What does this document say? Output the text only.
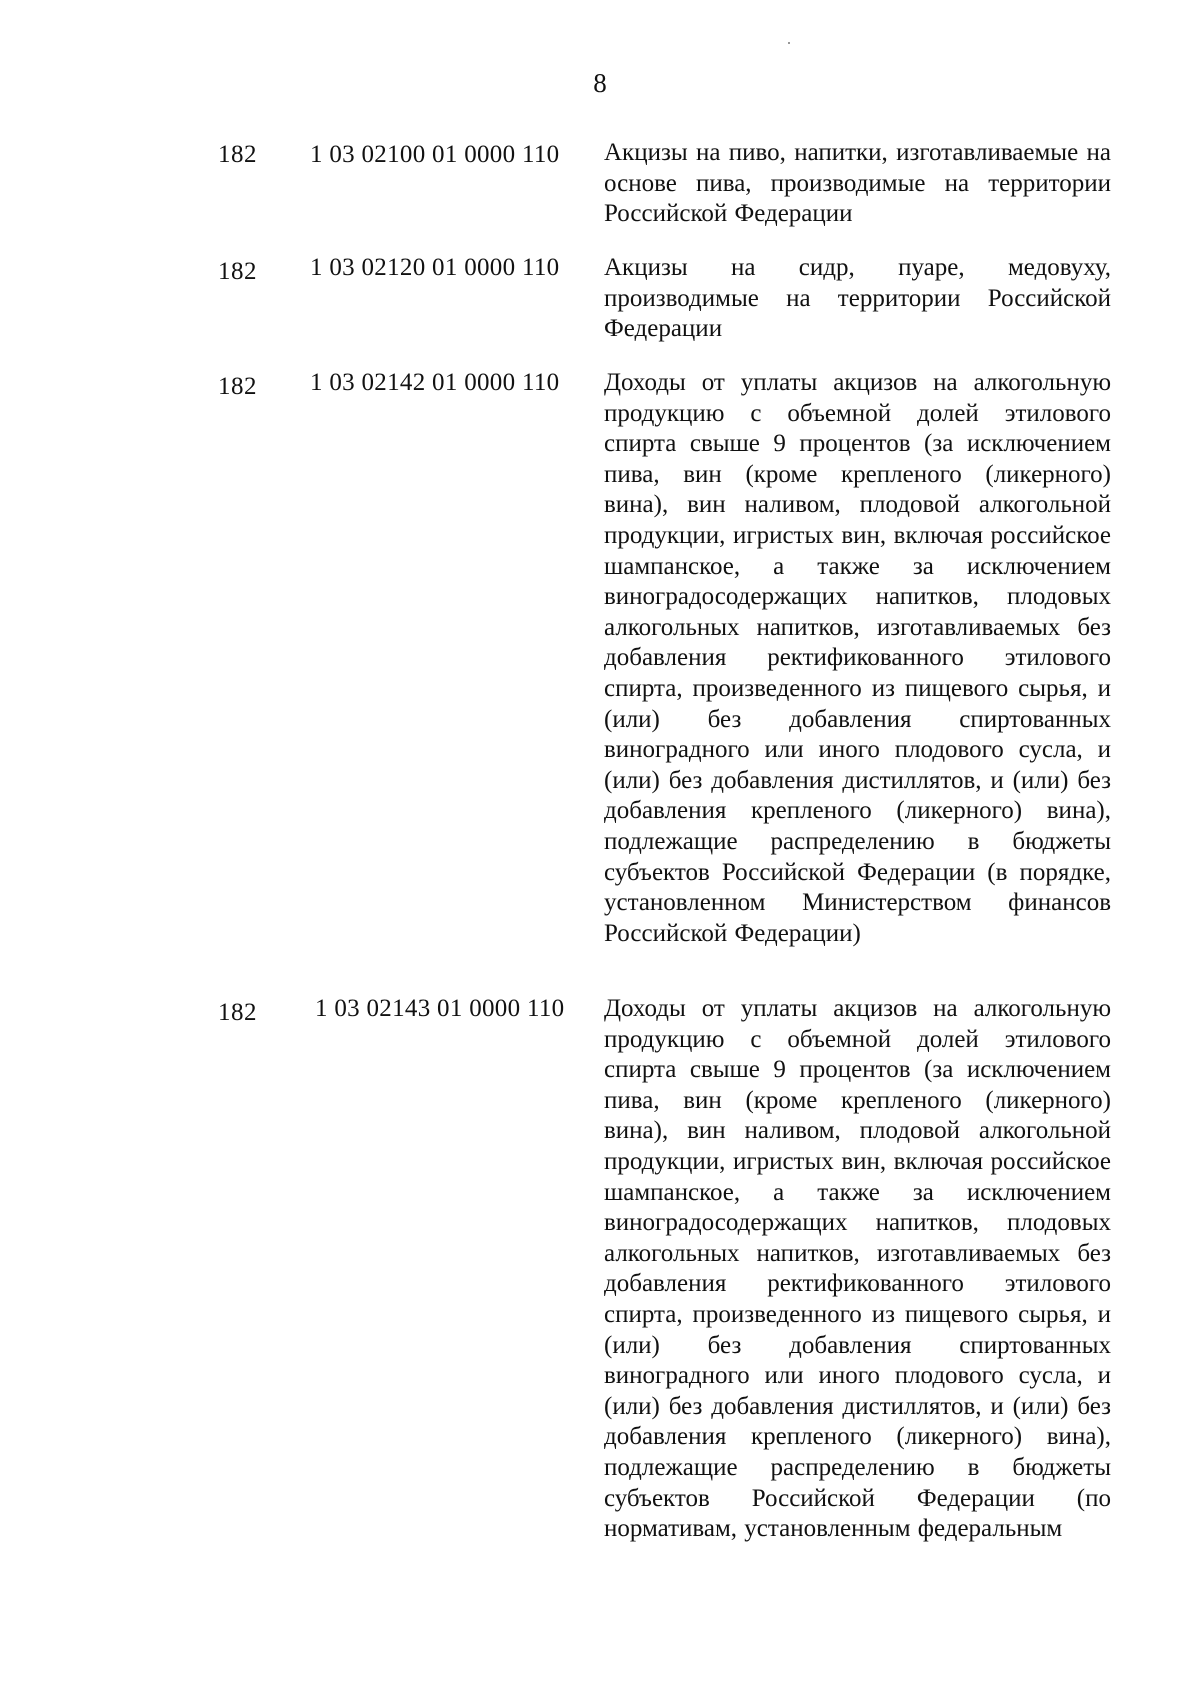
8
182 1 03 02100 01 0000 110 Акцизы на пиво, напитки, изготавливаемые на основе пива, производимые на территории Российской Федерации
182 1 03 02120 01 0000 110 Акцизы на сидр, пуаре, медовуху, производимые на территории Российской Федерации
182 1 03 02142 01 0000 110 Доходы от уплаты акцизов на алкогольную продукцию с объемной долей этилового спирта свыше 9 процентов (за исключением пива, вин (кроме крепленого (ликерного) вина), вин наливом, плодовой алкогольной продукции, игристых вин, включая российское шампанское, а также за исключением виноградосодержащих напитков, плодовых алкогольных напитков, изготавливаемых без добавления ректификованного этилового спирта, произведенного из пищевого сырья, и (или) без добавления спиртованных виноградного или иного плодового сусла, и (или) без добавления дистиллятов, и (или) без добавления крепленого (ликерного) вина), подлежащие распределению в бюджеты субъектов Российской Федерации (в порядке, установленном Министерством финансов Российской Федерации)
182 1 03 02143 01 0000 110 Доходы от уплаты акцизов на алкогольную продукцию с объемной долей этилового спирта свыше 9 процентов (за исключением пива, вин (кроме крепленого (ликерного) вина), вин наливом, плодовой алкогольной продукции, игристых вин, включая российское шампанское, а также за исключением виноградосодержащих напитков, плодовых алкогольных напитков, изготавливаемых без добавления ректификованного этилового спирта, произведенного из пищевого сырья, и (или) без добавления спиртованных виноградного или иного плодового сусла, и (или) без добавления дистиллятов, и (или) без добавления крепленого (ликерного) вина), подлежащие распределению в бюджеты субъектов Российской Федерации (по нормативам, установленным федеральным
